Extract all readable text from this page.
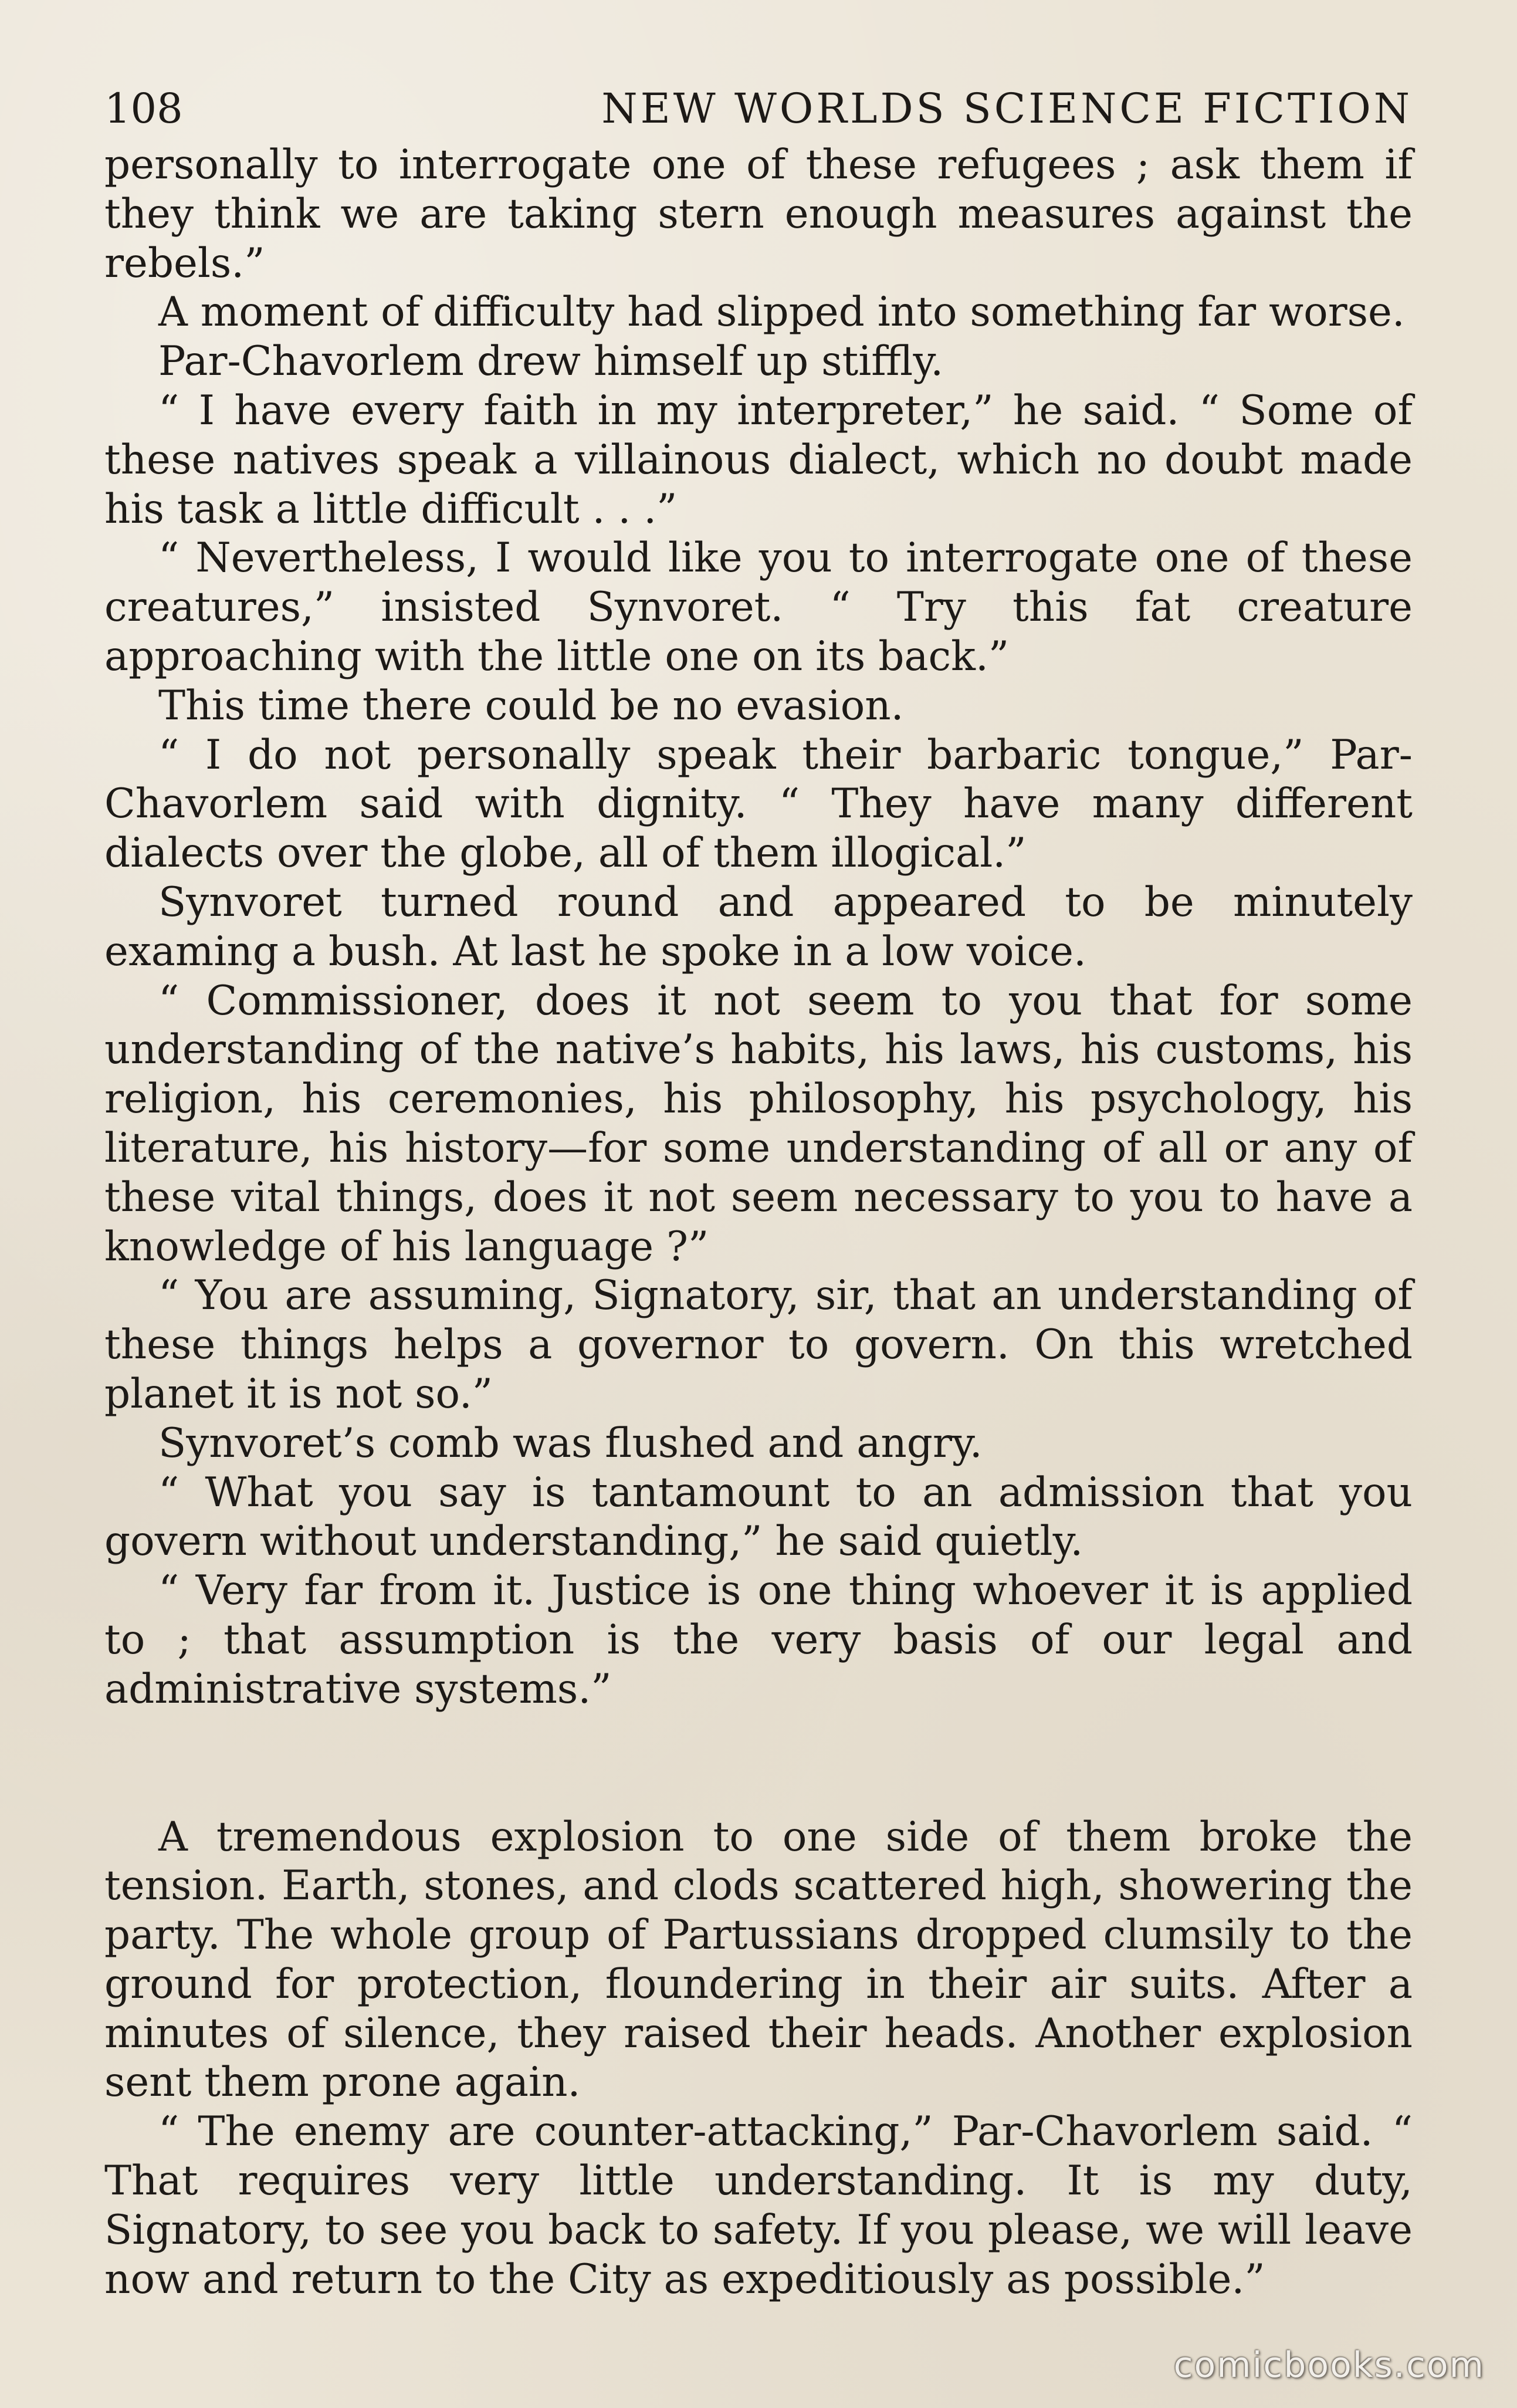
108	NEW WORLDS SCIENCE FICTION

personally to interrogate one of these refugees ; ask them if they think we are taking stern enough measures against the rebels.”

A moment of difficulty had slipped into something far worse.

Par-Chavorlem drew himself up stiffly.

“ I have every faith in my interpreter,” he said. “ Some of these natives speak a villainous dialect, which no doubt made his task a little difficult . . .”

“ Nevertheless, I would like you to interrogate one of these creatures,” insisted Synvoret. “ Try this fat creature approaching with the little one on its back.”

This time there could be no evasion.

“ I do not personally speak their barbaric tongue,” Par-Chavorlem said with dignity. “ They have many different dialects over the globe, all of them illogical.”

Synvoret turned round and appeared to be minutely examing a bush. At last he spoke in a low voice.

“ Commissioner, does it not seem to you that for some understanding of the native’s habits, his laws, his customs, his religion, his ceremonies, his philosophy, his psychology, his literature, his history—for some understanding of all or any of these vital things, does it not seem necessary to you to have a knowledge of his language ?”

“ You are assuming, Signatory, sir, that an understanding of these things helps a governor to govern. On this wretched planet it is not so.”

Synvoret’s comb was flushed and angry.

“ What you say is tantamount to an admission that you govern without understanding,” he said quietly.

“ Very far from it. Justice is one thing whoever it is applied to ; that assumption is the very basis of our legal and administrative systems.”

A tremendous explosion to one side of them broke the tension. Earth, stones, and clods scattered high, showering the party. The whole group of Partussians dropped clumsily to the ground for protection, floundering in their air suits. After a minutes of silence, they raised their heads. Another explosion sent them prone again.

“ The enemy are counter-attacking,” Par-Chavorlem said. “ That requires very little understanding. It is my duty, Signatory, to see you back to safety. If you please, we will leave now and return to the City as expeditiously as possible.”

comicbooks.com
